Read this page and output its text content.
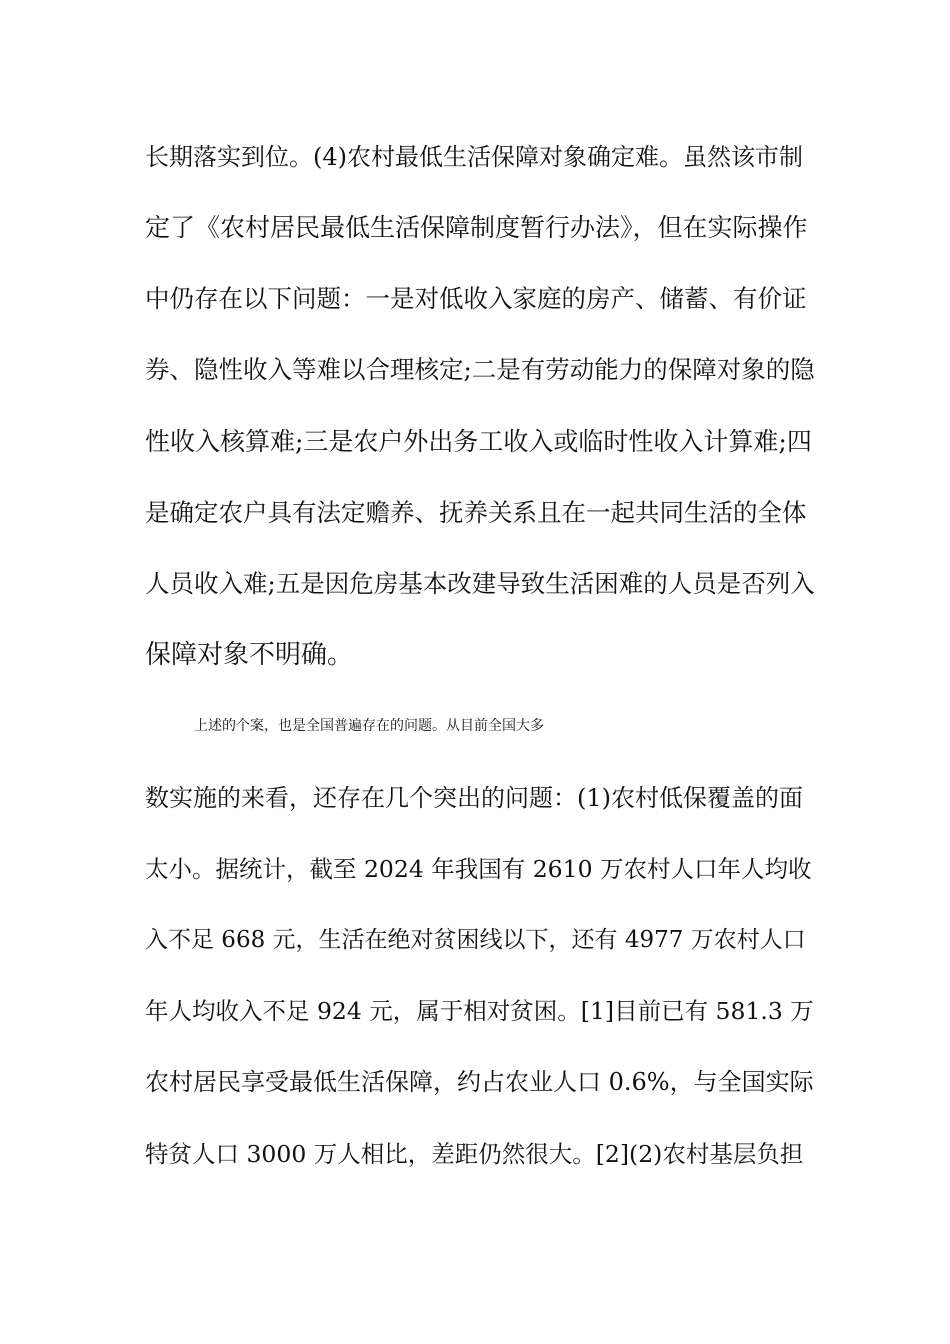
长期落实到位。(4)农村最低生活保障对象确定难。虽然该市制
定了《农村居民最低生活保障制度暂行办法》，但在实际操作
中仍存在以下问题：一是对低收入家庭的房产、储蓄、有价证
券、隐性收入等难以合理核定;二是有劳动能力的保障对象的隐
性收入核算难;三是农户外出务工收入或临时性收入计算难;四
是确定农户具有法定赡养、抚养关系且在一起共同生活的全体
人员收入难;五是因危房基本改建导致生活困难的人员是否列入
保障对象不明确。
上述的个案，也是全国普遍存在的问题。从目前全国大多
数实施的来看，还存在几个突出的问题：(1)农村低保覆盖的面
太小。据统计，截至 2024 年我国有 2610 万农村人口年人均收
入不足 668 元，生活在绝对贫困线以下，还有 4977 万农村人口
年人均收入不足 924 元，属于相对贫困。[1]目前已有 581.3 万
农村居民享受最低生活保障，约占农业人口 0.6%，与全国实际
特贫人口 3000 万人相比，差距仍然很大。[2](2)农村基层负担
